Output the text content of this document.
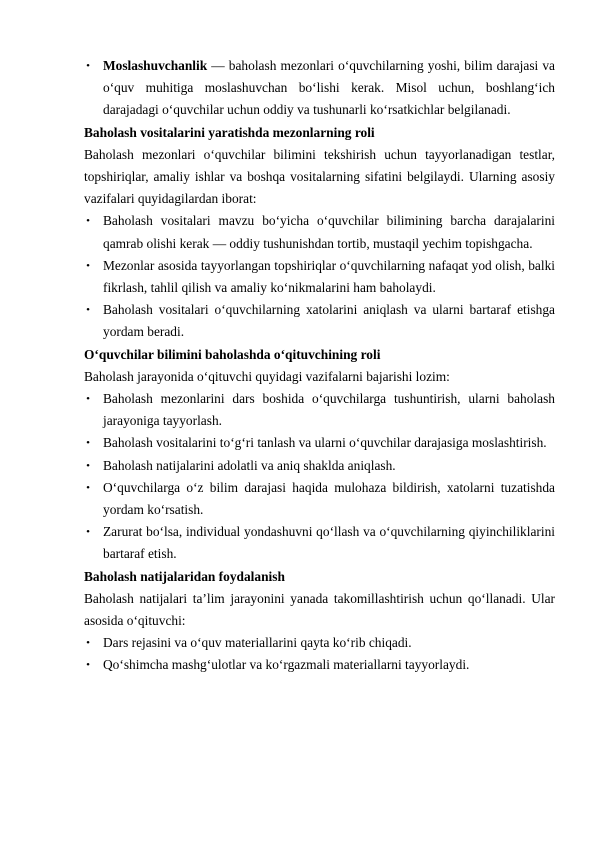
• Moslashuvchanlik — baholash mezonlari o‘quvchilarning yoshi, bilim darajasi va o‘quv muhitiga moslashuvchan bo‘lishi kerak. Misol uchun, boshlang‘ich darajadagi o‘quvchilar uchun oddiy va tushunarli ko‘rsatkichlar belgilanadi.

Baholash vositalarini yaratishda mezonlarning roli

Baholash mezonlari o‘quvchilar bilimini tekshirish uchun tayyorlanadigan testlar, topshiriqlar, amaliy ishlar va boshqa vositalarning sifatini belgilaydi. Ularning asosiy vazifalari quyidagilardan iborat:

• Baholash vositalari mavzu bo‘yicha o‘quvchilar bilimining barcha darajalarini qamrab olishi kerak — oddiy tushunishdan tortib, mustaqil yechim topishgacha.

• Mezonlar asosida tayyorlangan topshiriqlar o‘quvchilarning nafaqat yod olish, balki fikrlash, tahlil qilish va amaliy ko‘nikmalarini ham baholaydi.

• Baholash vositalari o‘quvchilarning xatolarini aniqlash va ularni bartaraf etishga yordam beradi.

O‘quvchilar bilimini baholashda o‘qituvchining roli

Baholash jarayonida o‘qituvchi quyidagi vazifalarni bajarishi lozim:

• Baholash mezonlarini dars boshida o‘quvchilarga tushuntirish, ularni baholash jarayoniga tayyorlash.

• Baholash vositalarini to‘g‘ri tanlash va ularni o‘quvchilar darajasiga moslashtirish.

• Baholash natijalarini adolatli va aniq shaklda aniqlash.

• O‘quvchilarga o‘z bilim darajasi haqida mulohaza bildirish, xatolarni tuzatishda yordam ko‘rsatish.

• Zarurat bo‘lsa, individual yondashuvni qo‘llash va o‘quvchilarning qiyinchiliklarini bartaraf etish.

Baholash natijalaridan foydalanish

Baholash natijalari ta’lim jarayonini yanada takomillashtirish uchun qo‘llanadi. Ular asosida o‘qituvchi:

• Dars rejasini va o‘quv materiallarini qayta ko‘rib chiqadi.

• Qo‘shimcha mashg‘ulotlar va ko‘rgazmali materiallarni tayyorlaydi.
